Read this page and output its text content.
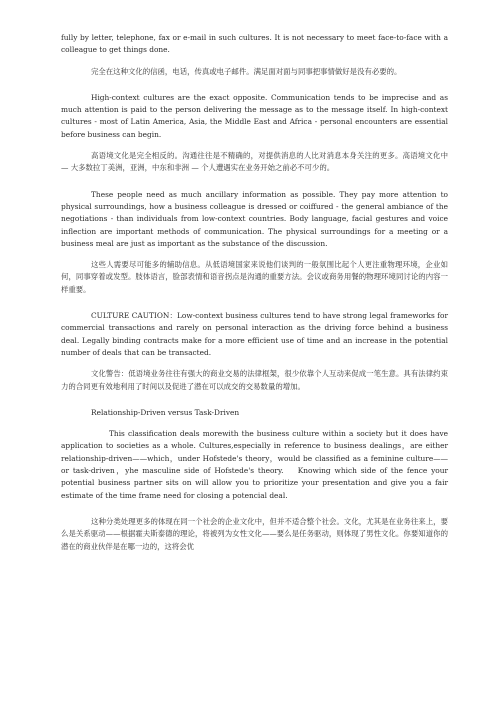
fully by letter, telephone, fax or e-mail in such cultures. It is not necessary to meet face-to-face with a colleague to get things done.

完全在这种文化的信函，电话，传真或电子邮件。满足面对面与同事把事情做好是没有必要的。

High-context cultures are the exact opposite. Communication tends to be imprecise and as much attention is paid to the person delivering the message as to the message itself. In high-context cultures - most of Latin America, Asia, the Middle East and Africa - personal encounters are essential before business can begin.

高语境文化是完全相反的。沟通往往是不精确的，对提供消息的人比对消息本身关注的更多。高语境文化中 — 大多数拉丁美洲，亚洲，中东和非洲 — 个人遭遇实在业务开始之前必不可少的。

These people need as much ancillary information as possible. They pay more attention to physical surroundings, how a business colleague is dressed or coiffured - the general ambiance of the negotiations - than individuals from low-context countries. Body language, facial gestures and voice inflection are important methods of communication. The physical surroundings for a meeting or a business meal are just as important as the substance of the discussion.

这些人需要尽可能多的辅助信息。从低语境国家来说他们谈判的一般氛围比起个人更注重物理环境，企业如何，同事穿着或发型。肢体语言，脸部表情和语音拐点是沟通的重要方法。会议或商务用餐的物理环境同讨论的内容一样重要。

CULTURE CAUTION：Low-context business cultures tend to have strong legal frameworks for commercial transactions and rarely on personal interaction as the driving force behind a business deal. Legally binding contracts make for a more efficient use of time and an increase in the potential number of deals that can be transacted.

文化警告：低语境业务往往有强大的商业交易的法律框架，很少依靠个人互动来促成一笔生意。具有法律约束力的合同更有效地利用了时间以及促进了潜在可以成交的交易数量的增加。

Relationship-Driven versus Task-Driven

This classification deals morewith the business culture within a society but it does have application to societies as a whole. Cultures,especially in reference to business dealings，are either relationship-driven——which，under Hofstede's theory，would be classified as a feminine culture——or task-driven，yhe masculine side of Hofstede's theory.　 Knowing which side of the fence your potential business partner sits on will allow you to prioritize your presentation and give you a fair estimate of the time frame need for closing a potencial deal.

这种分类处理更多的体现在同一个社会的企业文化中，但并不适合整个社会。文化，尤其是在业务往来上，要么是关系驱动——根据霍夫斯泰德的理论，将被列为女性文化——要么是任务驱动，则体现了男性文化。你要知道你的潜在的商业伙伴是在哪一边的，这将会优
